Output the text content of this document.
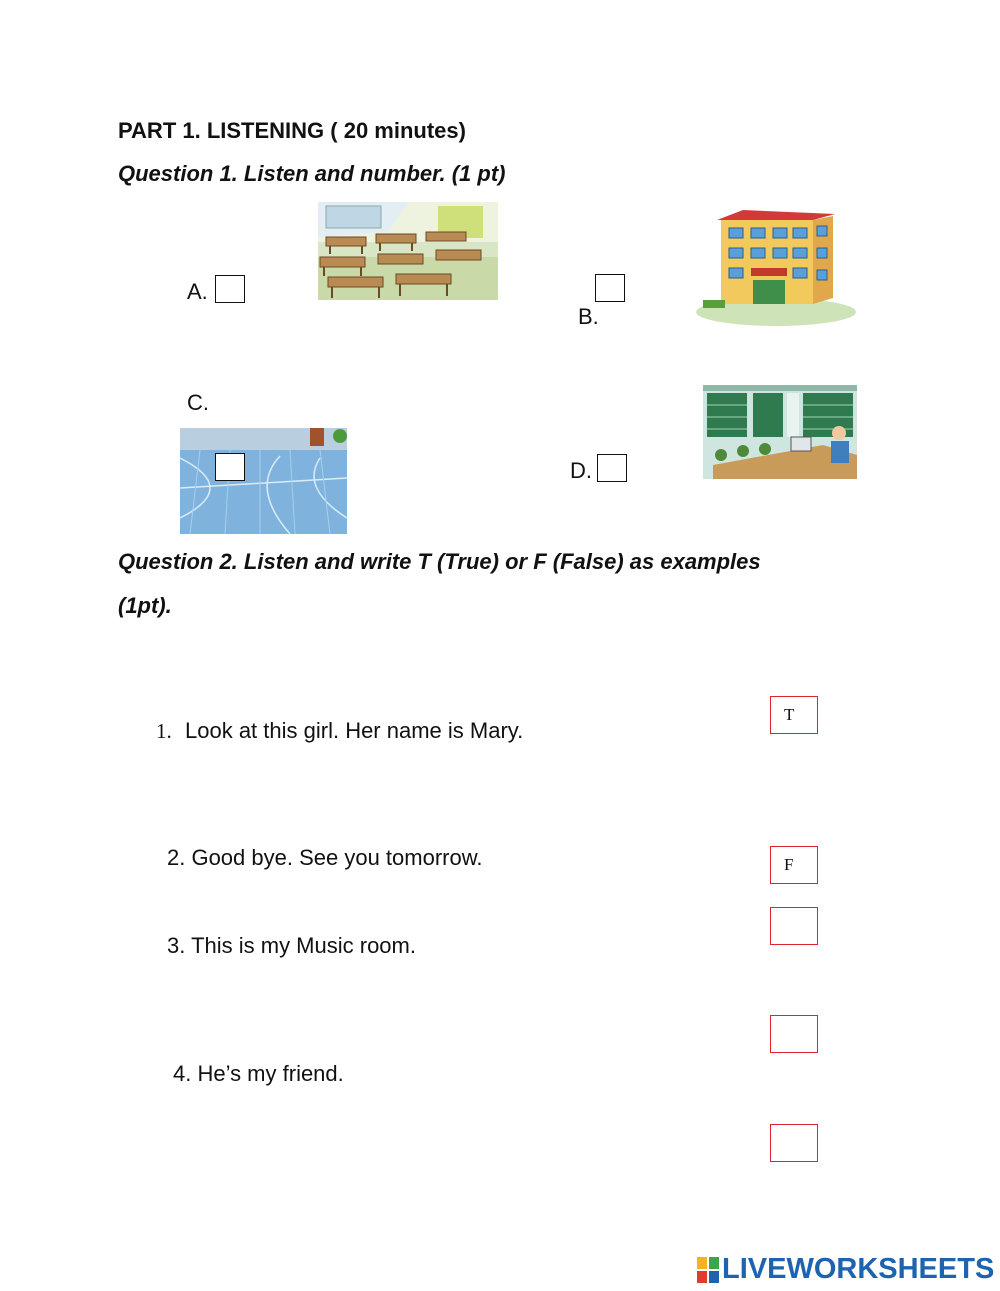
PART 1. LISTENING ( 20 minutes)
Question 1. Listen and number. (1 pt)
A.
B.
C.
D.
Question 2. Listen and write T (True) or F (False) as examples
(1pt).
1. Look at this girl. Her name is Mary.
T
2. Good bye. See you tomorrow.	F
3. This is my Music room.
4. He’s my friend.
LIVEWORKSHEETS
